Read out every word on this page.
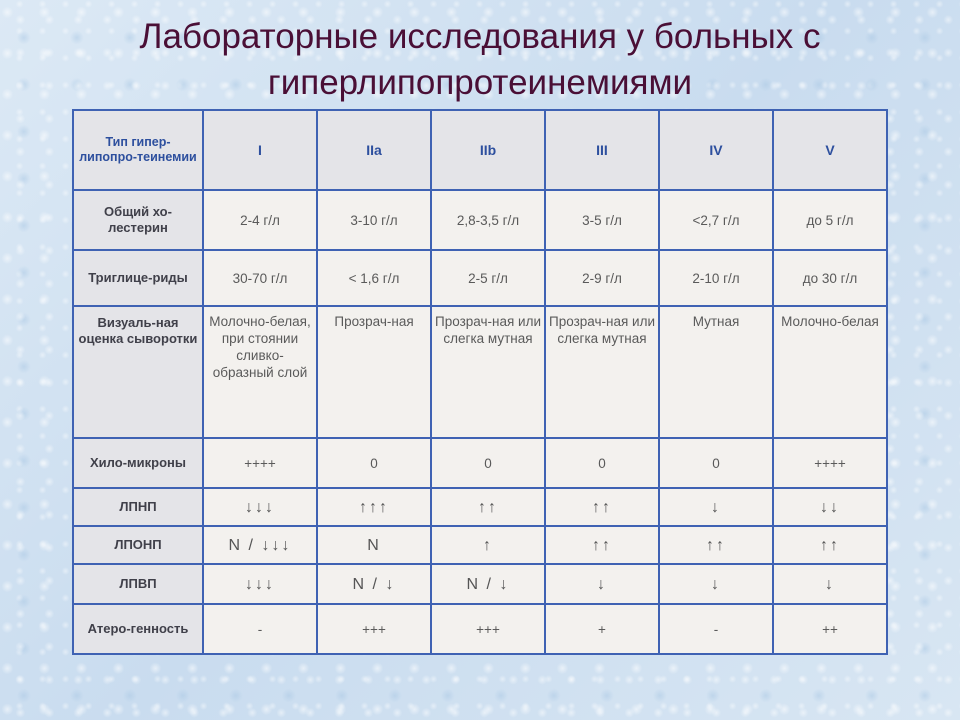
Лабораторные исследования у больных с
гиперлипопротеинемиями
Тип гипер-липопро-теинемии	I	IIa	IIb	III	IV	V
Общий хо-лестерин	2-4 г/л	3-10 г/л	2,8-3,5 г/л	3-5 г/л	<2,7 г/л	до 5 г/л
Триглице-риды	30-70 г/л	< 1,6 г/л	2-5 г/л	2-9 г/л	2-10 г/л	до 30 г/л
Визуаль-ная оценка сыворотки	Молочно-белая, при стоянии сливко-образный слой	Прозрач-ная	Прозрач-ная или слегка мутная	Прозрач-ная или слегка мутная	Мутная	Молочно-белая
Хило-микроны	++++	0	0	0	0	++++
ЛПНП	↓↓↓	↑↑↑	↑↑	↑↑	↓	↓↓
ЛПОНП	N / ↓↓↓	N	↑	↑↑	↑↑	↑↑
ЛПВП	↓↓↓	N / ↓	N / ↓	↓	↓	↓
Атеро-генность	-	+++	+++	+	-	++
